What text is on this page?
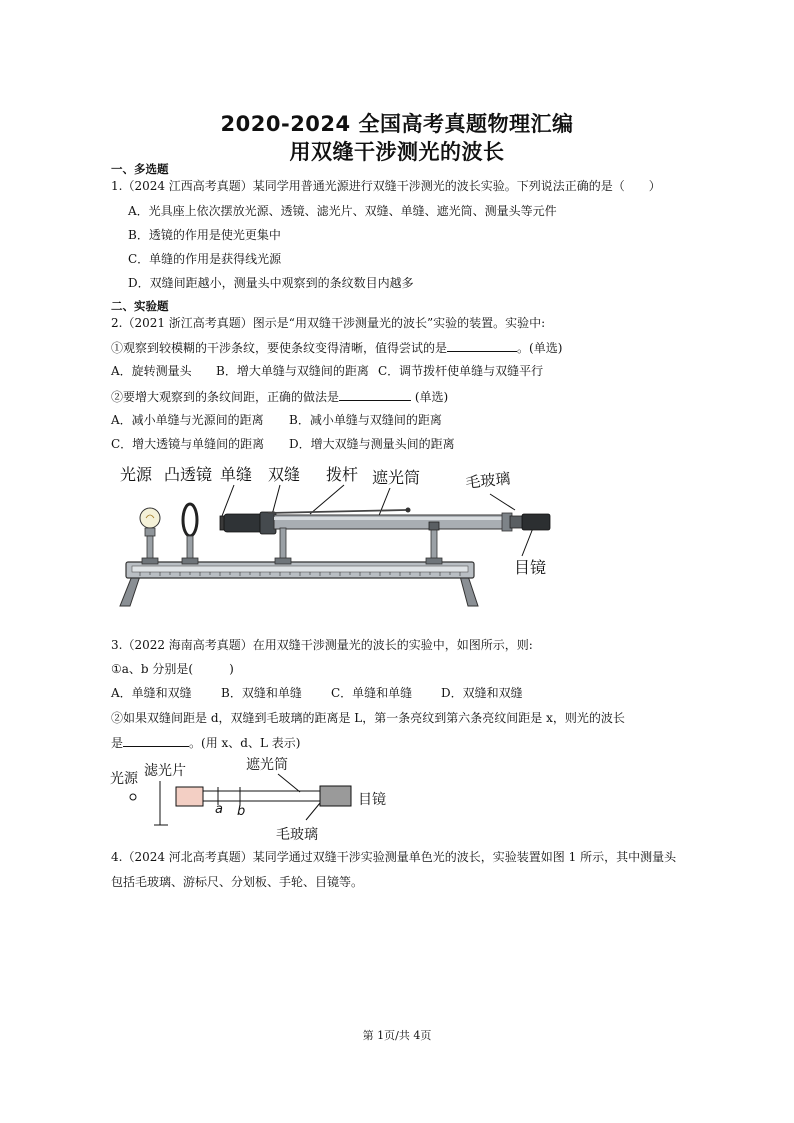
2020-2024 全国高考真题物理汇编
用双缝干涉测光的波长
一、多选题
1.（2024 江西高考真题）某同学用普通光源进行双缝干涉测光的波长实验。下列说法正确的是（　　）
A．光具座上依次摆放光源、透镜、滤光片、双缝、单缝、遮光筒、测量头等元件
B．透镜的作用是使光更集中
C．单缝的作用是获得线光源
D．双缝间距越小，测量头中观察到的条纹数目内越多
二、实验题
2.（2021 浙江高考真题）图示是“用双缝干涉测量光的波长”实验的装置。实验中:
①观察到较模糊的干涉条纹，要使条纹变得清晰，值得尝试的是	。(单选)
A．旋转测量头 B．增大单缝与双缝间的距离 C．调节拨杆使单缝与双缝平行
②要增大观察到的条纹间距，正确的做法是	(单选)
A．减小单缝与光源间的距离 B．减小单缝与双缝间的距离
C．增大透镜与单缝间的距离 D．增大双缝与测量头间的距离
光源 凸透镜 单缝 双缝 拨杆 遮光筒	毛玻璃
目镜
3.（2022 海南高考真题）在用双缝干涉测量光的波长的实验中，如图所示，则:
①a、b 分别是(　　　)
A．单缝和双缝 B．双缝和单缝 C．单缝和单缝 D．双缝和双缝
②如果双缝间距是 d，双缝到毛玻璃的距离是 L，第一条亮纹到第六条亮纹间距是 x，则光的波长
是	。(用 x、d、L 表示)
光源 滤光片	遮光筒
目镜
毛玻璃
a b
4.（2024 河北高考真题）某同学通过双缝干涉实验测量单色光的波长，实验装置如图 1 所示，其中测量头
包括毛玻璃、游标尺、分划板、手轮、目镜等。
第 1页/共 4页
